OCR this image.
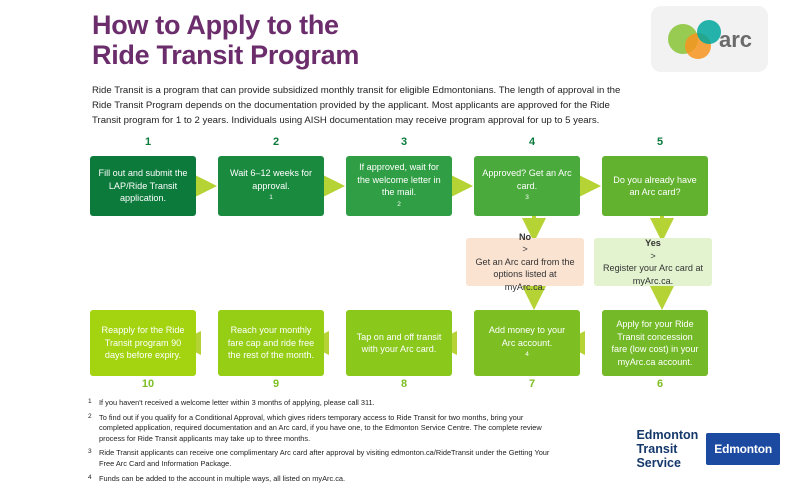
How to Apply to the
Ride Transit Program
Ride Transit is a program that can provide subsidized monthly transit for eligible Edmontonians. The length of approval in the Ride Transit Program depends on the documentation provided by the applicant. Most applicants are approved for the Ride Transit program for 1 to 2 years. Individuals using AISH documentation may receive program approval for up to 5 years.
arc
1	2	3	4	5
Fill out and submit the LAP/Ride Transit application.
Wait 6–12 weeks for approval.
1
If approved, wait for the welcome letter in the mail.
2
Approved? Get an Arc card.
3
Do you already have an Arc card?
No
>
Get an Arc card from the options listed at myArc.ca.
Yes
>
Register your Arc card at myArc.ca.
Apply for your Ride Transit concession fare (low cost) in your myArc.ca account.
Add money to your Arc account.
4
Tap on and off transit with your Arc card.
Reach your monthly fare cap and ride free the rest of the month.
Reapply for the Ride Transit program 90 days before expiry.
6
7
8
9
10
1 If you haven't received a welcome letter within 3 months of applying, please call 311.
2 To find out if you qualify for a Conditional Approval, which gives riders temporary access to Ride Transit for two months, bring your completed application, required documentation and an Arc card, if you have one, to the Edmonton Service Centre. The complete review process for Ride Transit applicants may take up to three months.
3 Ride Transit applicants can receive one complimentary Arc card after approval by visiting edmonton.ca/RideTransit under the Getting Your Free Arc Card and Information Package.
4 Funds can be added to the account in multiple ways, all listed on myArc.ca.
Edmonton
Transit
Service
Edmonton
